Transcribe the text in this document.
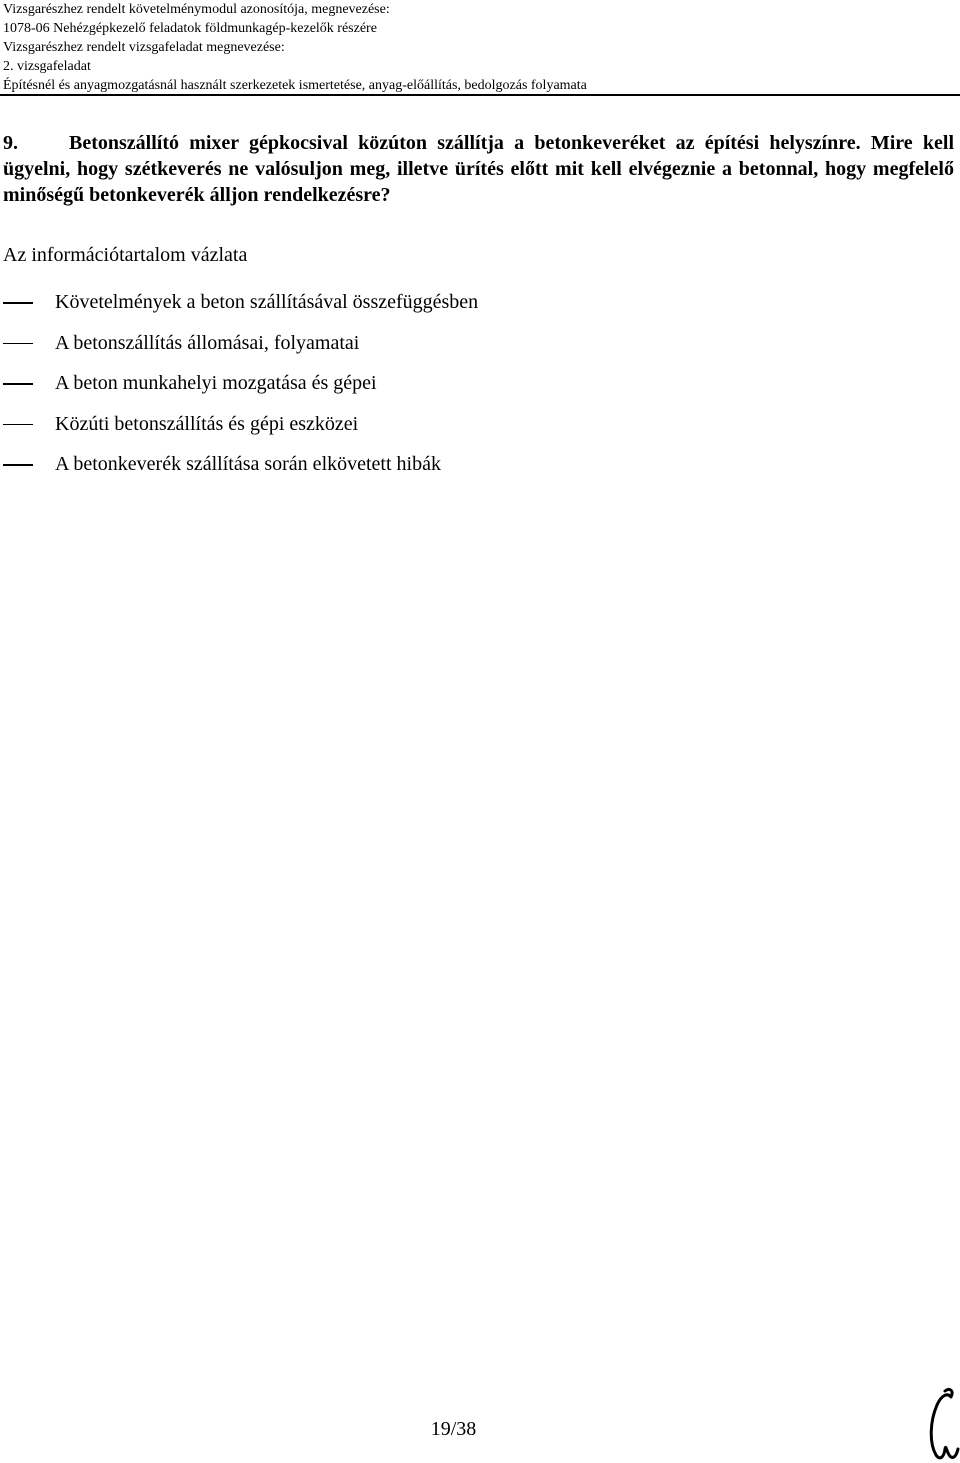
Vizsgarészhez rendelt követelménymodul azonosítója, megnevezése:
1078-06 Nehézgépkezelő feladatok földmunkagép-kezelők részére
Vizsgarészhez rendelt vizsgafeladat megnevezése:
2. vizsgafeladat
Építésnél és anyagmozgatásnál használt szerkezetek ismertetése, anyag-előállítás, bedolgozás folyamata
9.	Betonszállító mixer gépkocsival közúton szállítja a betonkeveréket az építési helyszínre. Mire kell ügyelni, hogy szétkeverés ne valósuljon meg, illetve ürítés előtt mit kell elvégeznie a betonnal, hogy megfelelő minőségű betonkeverék álljon rendelkezésre?
Az információtartalom vázlata
Követelmények a beton szállításával összefüggésben
A betonszállítás állomásai, folyamatai
A beton munkahelyi mozgatása és gépei
Közúti betonszállítás és gépi eszközei
A betonkeverék szállítása során elkövetett hibák
19/38
